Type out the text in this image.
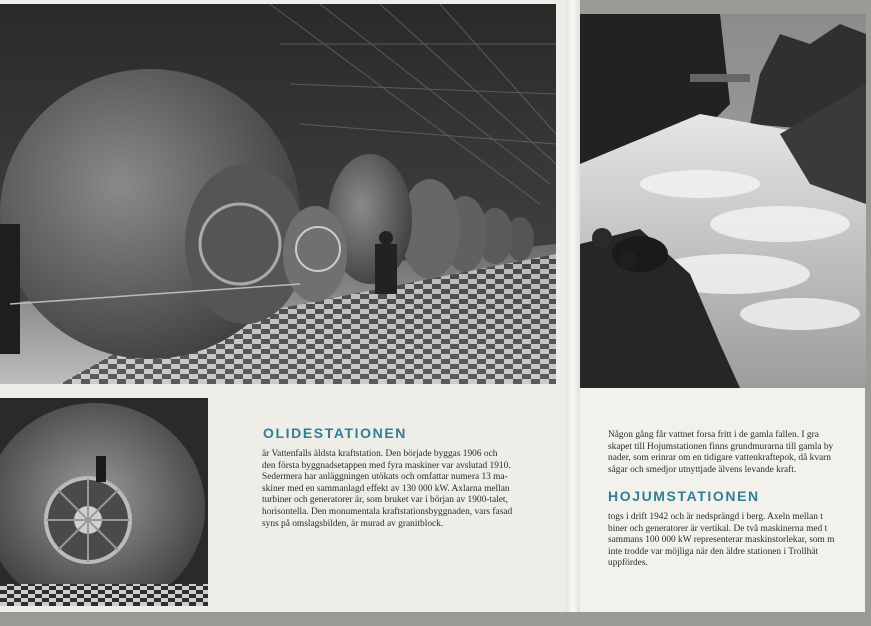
OLIDESTATIONEN

är Vattenfalls äldsta kraftstation. Den började byggas 1906 och

den första byggnadsetappen med fyra maskiner var avslutad 1910.

Sedermera har anläggningen utökats och omfattar numera 13 ma-

skiner med en sammanlagd effekt av 130 000 kW. Axlarna mellan

turbiner och generatorer är, som bruket var i början av 1900-talet,

horisontella. Den monumentala kraftstationsbyggnaden, vars fasad

syns på omslagsbilden, är murad av granitblock.

Någon gång får vattnet forsa fritt i de gamla fallen. I gra

skapet till Hojumstationen finns grundmurarna till gamla by

nader, som erinrar om en tidigare vattenkraftepok, då kvarn

sågar och smedjor utnyttjade älvens levande kraft.

HOJUMSTATIONEN

togs i drift 1942 och är nedsprängd i berg. Axeln mellan t

biner och generatorer är vertikal. De två maskinerna med t

sammans 100 000 kW representerar maskinstorlekar, som m

inte trodde var möjliga när den äldre stationen i Trollhät

uppfördes.
